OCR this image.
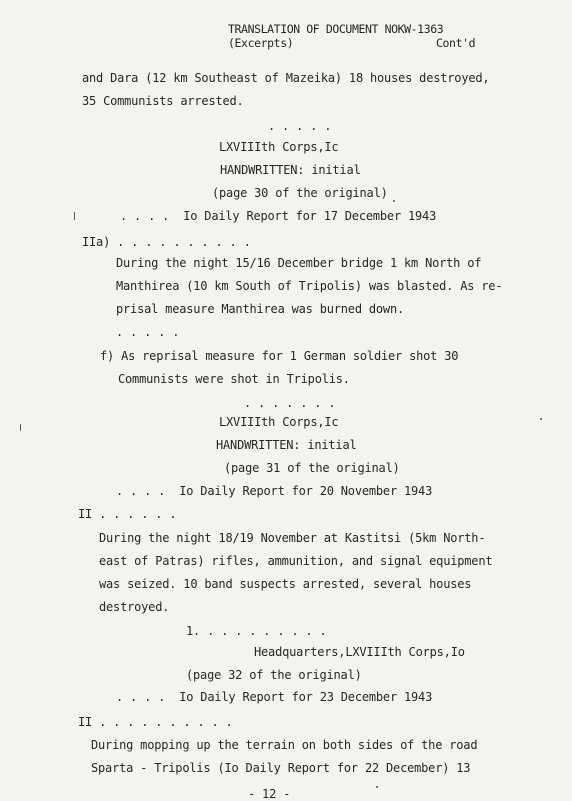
TRANSLATION OF DOCUMENT NOKW-1363
(Excerpts)	Cont'd
and Dara (12 km Southeast of Mazeika) 18 houses destroyed,
35 Communists arrested.
. . . . .
LXVIIIth Corps,Ic
HANDWRITTEN: initial
(page 30 of the original)
. . . .  Io Daily Report for 17 December 1943
IIa) . . . . . . . . . .
During the night 15/16 December bridge 1 km North of
Manthirea (10 km South of Tripolis) was blasted. As re-
prisal measure Manthirea was burned down.
. . . . .
f) As reprisal measure for 1 German soldier shot 30
Communists were shot in Tripolis.
. . . . . . .
LXVIIIth Corps,Ic
HANDWRITTEN: initial
(page 31 of the original)
. . . .  Io Daily Report for 20 November 1943
II . . . . . .
During the night 18/19 November at Kastitsi (5km North-
east of Patras) rifles, ammunition, and signal equipment
was seized. 10 band suspects arrested, several houses
destroyed.
1. . . . . . . . . .
Headquarters,LXVIIIth Corps,Io
(page 32 of the original)
. . . .  Io Daily Report for 23 December 1943
II . . . . . . . . . .
During mopping up the terrain on both sides of the road
Sparta - Tripolis (Io Daily Report for 22 December) 13
- 12 -
